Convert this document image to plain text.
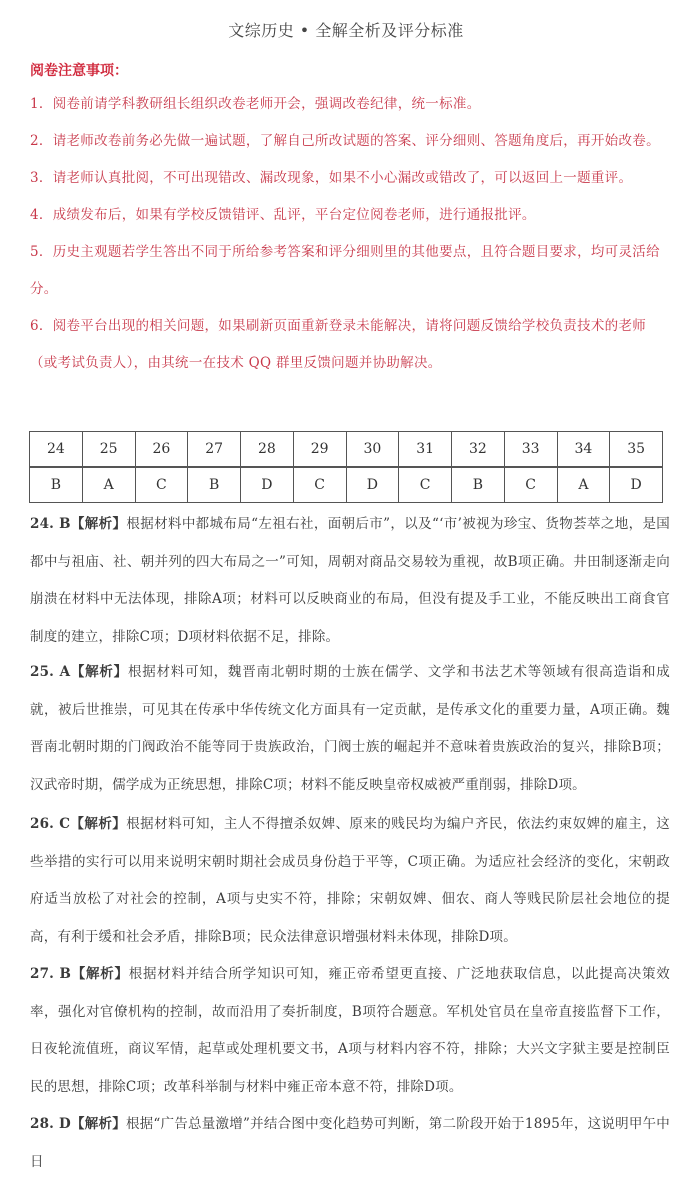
文综历史 • 全解全析及评分标准
阅卷注意事项：
1．阅卷前请学科教研组长组织改卷老师开会，强调改卷纪律，统一标准。
2．请老师改卷前务必先做一遍试题，了解自己所改试题的答案、评分细则、答题角度后，再开始改卷。
3．请老师认真批阅，不可出现错改、漏改现象，如果不小心漏改或错改了，可以返回上一题重评。
4．成绩发布后，如果有学校反馈错评、乱评，平台定位阅卷老师，进行通报批评。
5．历史主观题若学生答出不同于所给参考答案和评分细则里的其他要点，且符合题目要求，均可灵活给分。
6．阅卷平台出现的相关问题，如果刷新页面重新登录未能解决，请将问题反馈给学校负责技术的老师（或考试负责人），由其统一在技术 QQ 群里反馈问题并协助解决。
24	25	26	27	28	29	30	31	32	33	34	35
B	A	C	B	D	C	D	C	B	C	A	D
24. B【解析】根据材料中都城布局“左祖右社，面朝后市”，以及“‘市’被视为珍宝、货物荟萃之地，是国都中与祖庙、社、朝并列的四大布局之一”可知，周朝对商品交易较为重视，故B项正确。井田制逐渐走向崩溃在材料中无法体现，排除A项；材料可以反映商业的布局，但没有提及手工业，不能反映出工商食官制度的建立，排除C项；D项材料依据不足，排除。
25. A【解析】根据材料可知，魏晋南北朝时期的士族在儒学、文学和书法艺术等领域有很高造诣和成就，被后世推崇，可见其在传承中华传统文化方面具有一定贡献，是传承文化的重要力量，A项正确。魏晋南北朝时期的门阀政治不能等同于贵族政治，门阀士族的崛起并不意味着贵族政治的复兴，排除B项；汉武帝时期，儒学成为正统思想，排除C项；材料不能反映皇帝权威被严重削弱，排除D项。
26. C【解析】根据材料可知，主人不得擅杀奴婢、原来的贱民均为编户齐民，依法约束奴婢的雇主，这些举措的实行可以用来说明宋朝时期社会成员身份趋于平等，C项正确。为适应社会经济的变化，宋朝政府适当放松了对社会的控制，A项与史实不符，排除；宋朝奴婢、佃农、商人等贱民阶层社会地位的提高，有利于缓和社会矛盾，排除B项；民众法律意识增强材料未体现，排除D项。
27. B【解析】根据材料并结合所学知识可知，雍正帝希望更直接、广泛地获取信息，以此提高决策效率，强化对官僚机构的控制，故而沿用了奏折制度，B项符合题意。军机处官员在皇帝直接监督下工作，日夜轮流值班，商议军情，起草或处理机要文书，A项与材料内容不符，排除；大兴文字狱主要是控制臣民的思想，排除C项；改革科举制与材料中雍正帝本意不符，排除D项。
28. D【解析】根据“广告总量激增”并结合图中变化趋势可判断，第二阶段开始于1895年，这说明甲午中日
